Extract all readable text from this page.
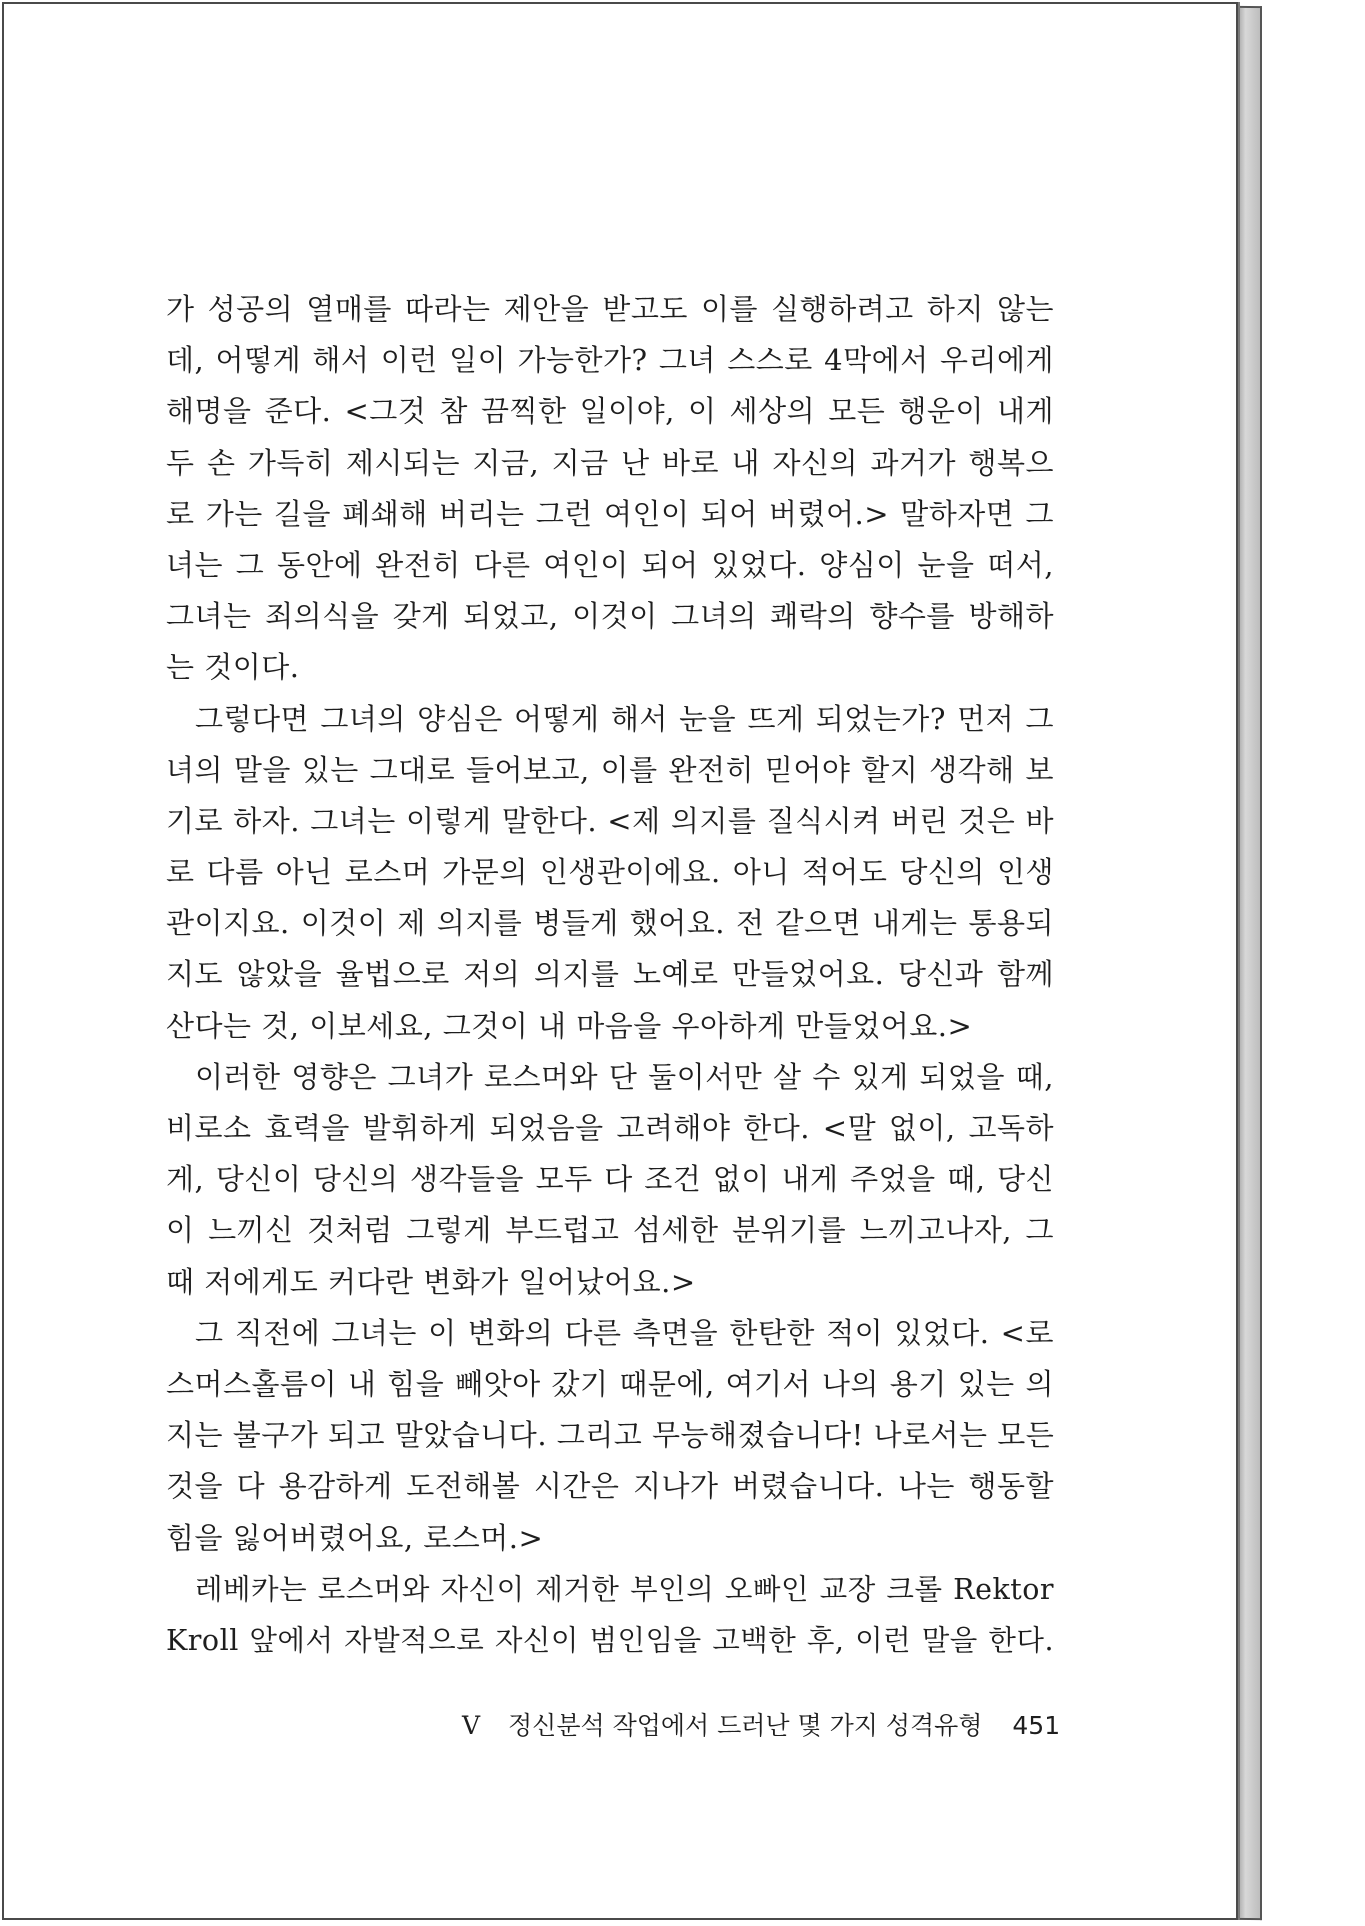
가 성공의 열매를 따라는 제안을 받고도 이를 실행하려고 하지 않는
데, 어떻게 해서 이런 일이 가능한가? 그녀 스스로 4막에서 우리에게
해명을 준다. <그것 참 끔찍한 일이야, 이 세상의 모든 행운이 내게
두 손 가득히 제시되는 지금, 지금 난 바로 내 자신의 과거가 행복으
로 가는 길을 폐쇄해 버리는 그런 여인이 되어 버렸어.> 말하자면 그
녀는 그 동안에 완전히 다른 여인이 되어 있었다. 양심이 눈을 떠서,
그녀는 죄의식을 갖게 되었고, 이것이 그녀의 쾌락의 향수를 방해하
는 것이다.
그렇다면 그녀의 양심은 어떻게 해서 눈을 뜨게 되었는가? 먼저 그
녀의 말을 있는 그대로 들어보고, 이를 완전히 믿어야 할지 생각해 보
기로 하자. 그녀는 이렇게 말한다. <제 의지를 질식시켜 버린 것은 바
로 다름 아닌 로스머 가문의 인생관이에요. 아니 적어도 당신의 인생
관이지요. 이것이 제 의지를 병들게 했어요. 전 같으면 내게는 통용되
지도 않았을 율법으로 저의 의지를 노예로 만들었어요. 당신과 함께
산다는 것, 이보세요, 그것이 내 마음을 우아하게 만들었어요.>
이러한 영향은 그녀가 로스머와 단 둘이서만 살 수 있게 되었을 때,
비로소 효력을 발휘하게 되었음을 고려해야 한다. <말 없이, 고독하
게, 당신이 당신의 생각들을 모두 다 조건 없이 내게 주었을 때, 당신
이 느끼신 것처럼 그렇게 부드럽고 섬세한 분위기를 느끼고나자, 그
때 저에게도 커다란 변화가 일어났어요.>
그 직전에 그녀는 이 변화의 다른 측면을 한탄한 적이 있었다. <로
스머스홀름이 내 힘을 빼앗아 갔기 때문에, 여기서 나의 용기 있는 의
지는 불구가 되고 말았습니다. 그리고 무능해졌습니다! 나로서는 모든
것을 다 용감하게 도전해볼 시간은 지나가 버렸습니다. 나는 행동할
힘을 잃어버렸어요, 로스머.>
레베카는 로스머와 자신이 제거한 부인의 오빠인 교장 크롤 Rektor
Kroll 앞에서 자발적으로 자신이 범인임을 고백한 후, 이런 말을 한다.
V 정신분석 작업에서 드러난 몇 가지 성격유형 451
